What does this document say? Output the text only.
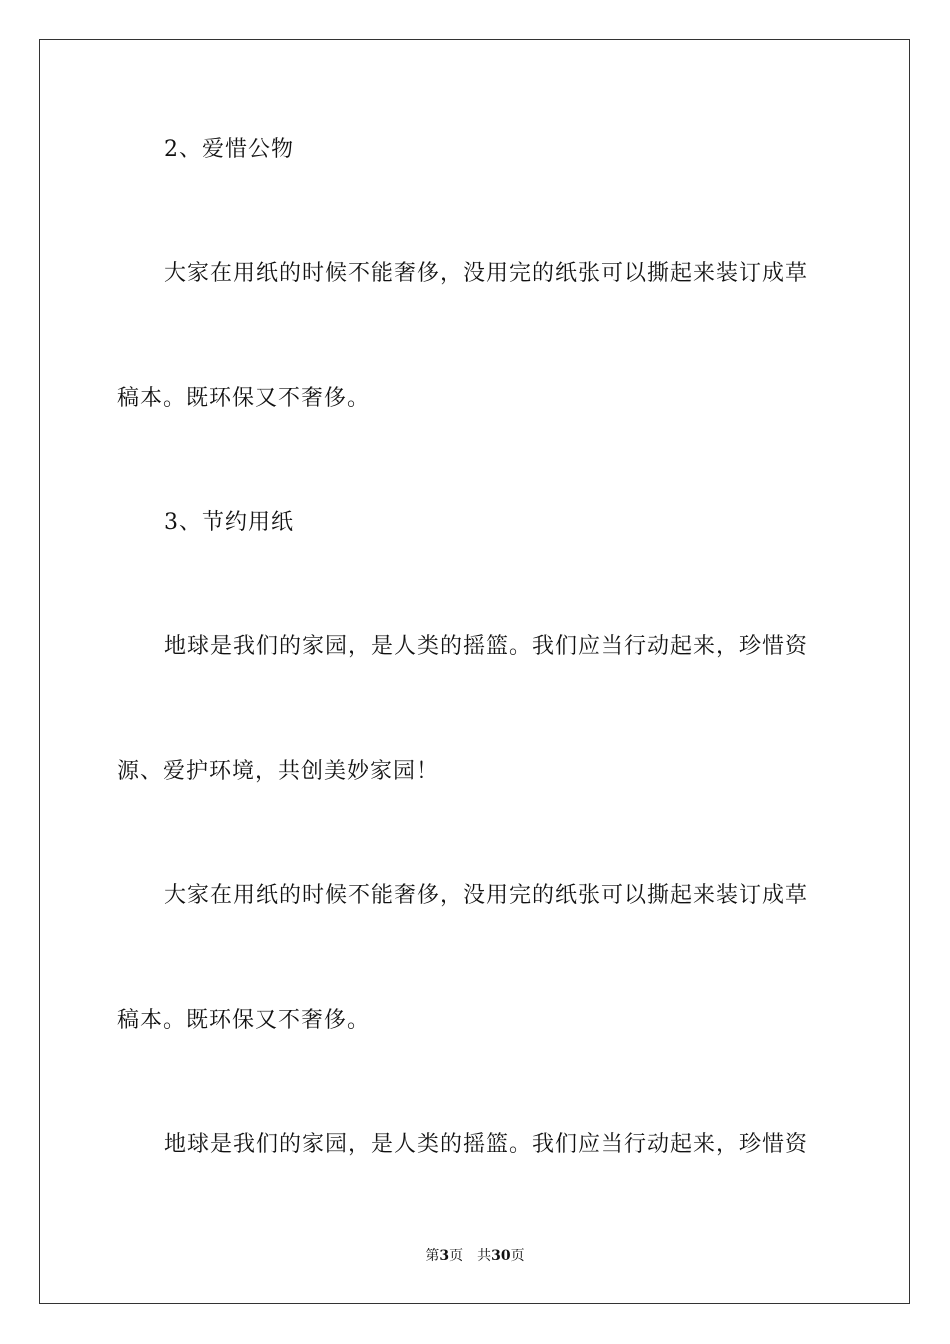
2、爱惜公物
大家在用纸的时候不能奢侈，没用完的纸张可以撕起来装订成草
稿本。既环保又不奢侈。
3、节约用纸
地球是我们的家园，是人类的摇篮。我们应当行动起来，珍惜资
源、爱护环境，共创美妙家园！
大家在用纸的时候不能奢侈，没用完的纸张可以撕起来装订成草
稿本。既环保又不奢侈。
地球是我们的家园，是人类的摇篮。我们应当行动起来，珍惜资
第3页 共30页
